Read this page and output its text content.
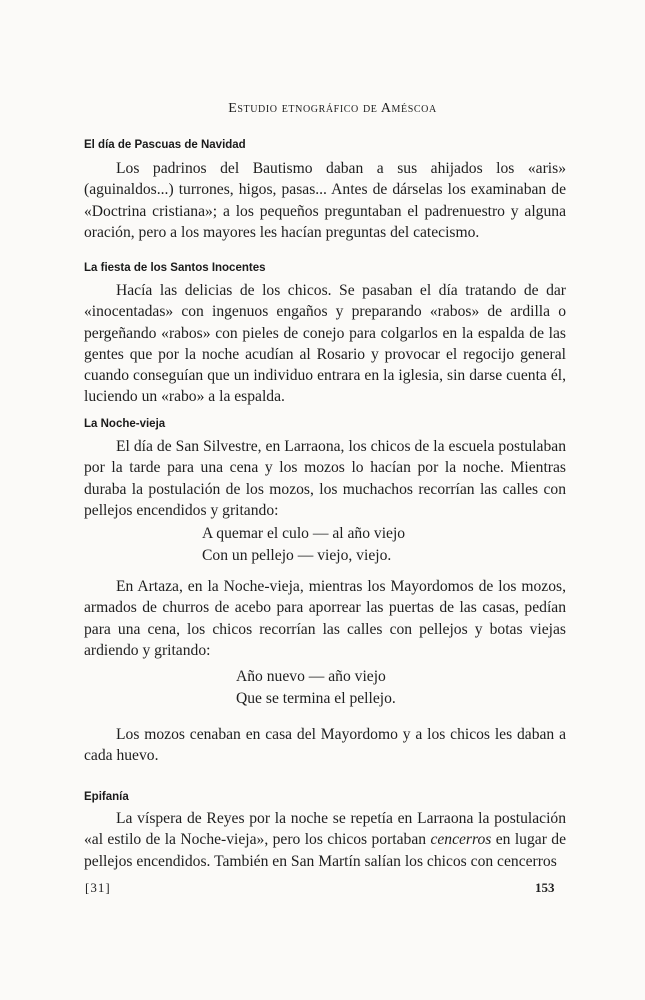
Estudio etnográfico de Améscoa
El día de Pascuas de Navidad

Los padrinos del Bautismo daban a sus ahijados los «aris» (aguinaldos...) turrones, higos, pasas... Antes de dárselas los examinaban de «Doctrina cristiana»; a los pequeños preguntaban el padrenuestro y alguna oración, pero a los mayores les hacían preguntas del catecismo.

La fiesta de los Santos Inocentes

Hacía las delicias de los chicos. Se pasaban el día tratando de dar «inocentadas» con ingenuos engaños y preparando «rabos» de ardilla o pergeñando «rabos» con pieles de conejo para colgarlos en la espalda de las gentes que por la noche acudían al Rosario y provocar el regocijo general cuando conseguían que un individuo entrara en la iglesia, sin darse cuenta él, luciendo un «rabo» a la espalda.

La Noche-vieja

El día de San Silvestre, en Larraona, los chicos de la escuela postulaban por la tarde para una cena y los mozos lo hacían por la noche. Mientras duraba la postulación de los mozos, los muchachos recorrían las calles con pellejos encendidos y gritando:

A quemar el culo — al año viejo
Con un pellejo — viejo, viejo.

En Artaza, en la Noche-vieja, mientras los Mayordomos de los mozos, armados de churros de acebo para aporrear las puertas de las casas, pedían para una cena, los chicos recorrían las calles con pellejos y botas viejas ardiendo y gritando:

Año nuevo — año viejo
Que se termina el pellejo.

Los mozos cenaban en casa del Mayordomo y a los chicos les daban a cada huevo.

Epifanía

La víspera de Reyes por la noche se repetía en Larraona la postulación «al estilo de la Noche-vieja», pero los chicos portaban cencerros en lugar de pellejos encendidos. También en San Martín salían los chicos con cencerros

[31]	153
